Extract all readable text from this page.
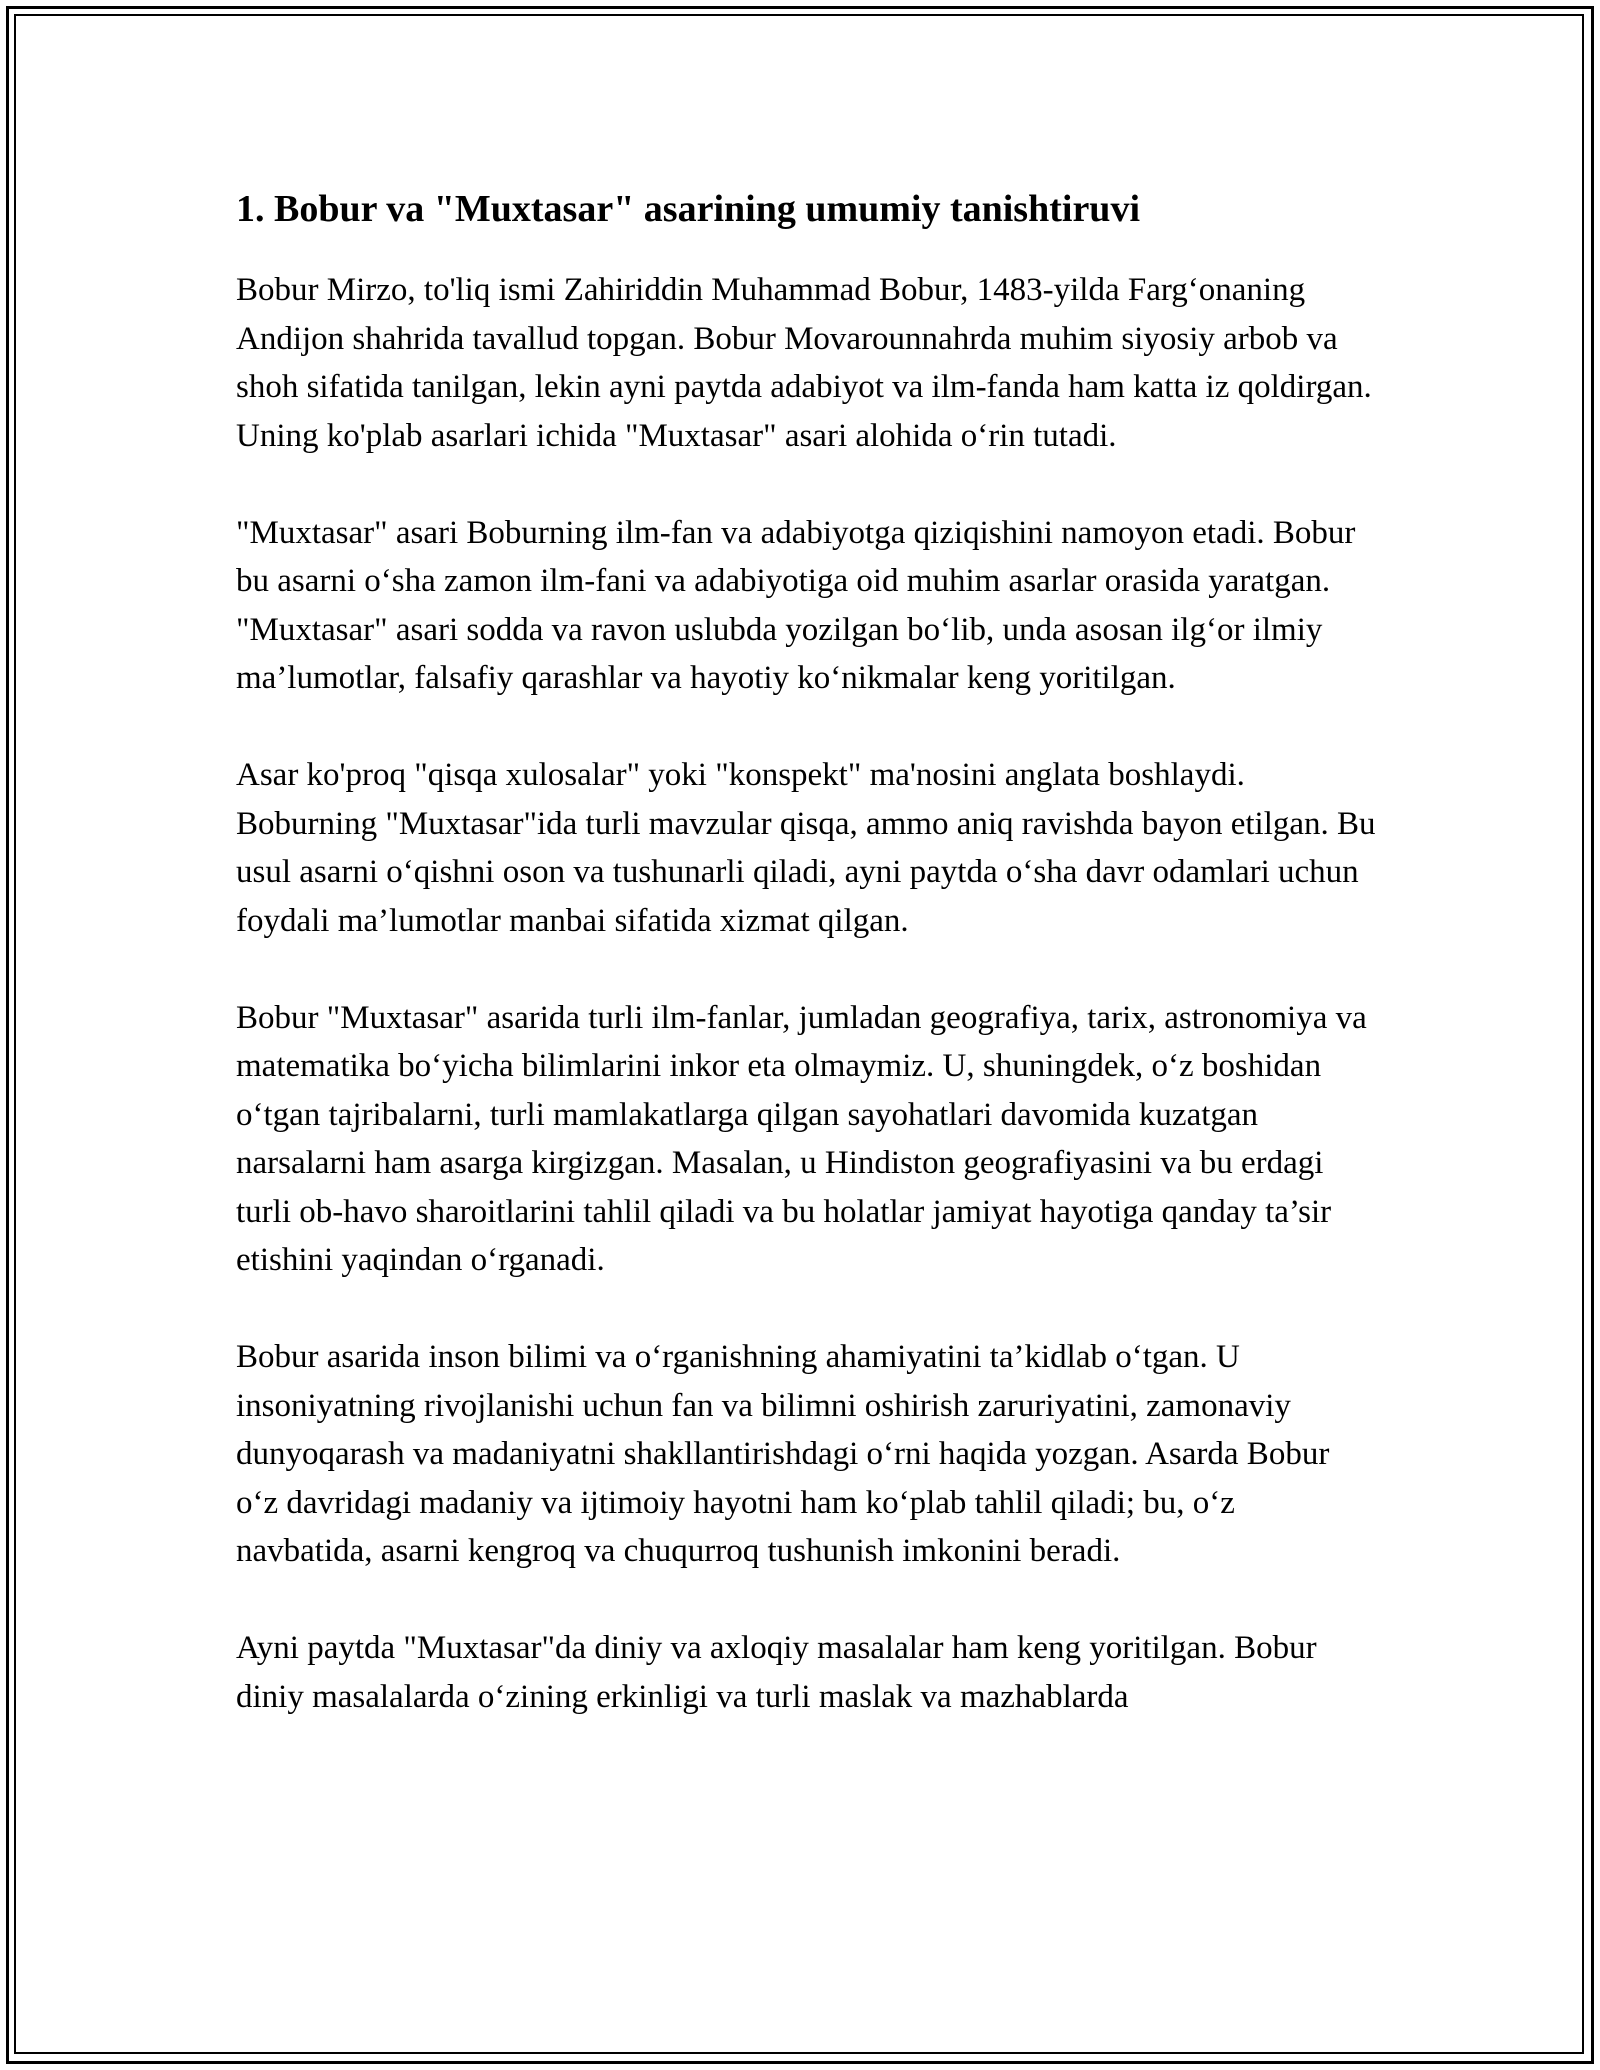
1. Bobur va "Muxtasar" asarining umumiy tanishtiruvi

Bobur Mirzo, to'liq ismi Zahiriddin Muhammad Bobur, 1483-yilda Farg‘onaning Andijon shahrida tavallud topgan. Bobur Movarounnahrda muhim siyosiy arbob va shoh sifatida tanilgan, lekin ayni paytda adabiyot va ilm-fanda ham katta iz qoldirgan. Uning ko'plab asarlari ichida "Muxtasar" asari alohida o‘rin tutadi.

"Muxtasar" asari Boburning ilm-fan va adabiyotga qiziqishini namoyon etadi. Bobur bu asarni o‘sha zamon ilm-fani va adabiyotiga oid muhim asarlar orasida yaratgan. "Muxtasar" asari sodda va ravon uslubda yozilgan bo‘lib, unda asosan ilg‘or ilmiy ma’lumotlar, falsafiy qarashlar va hayotiy ko‘nikmalar keng yoritilgan.

Asar ko'proq "qisqa xulosalar" yoki "konspekt" ma'nosini anglata boshlaydi. Boburning "Muxtasar"ida turli mavzular qisqa, ammo aniq ravishda bayon etilgan. Bu usul asarni o‘qishni oson va tushunarli qiladi, ayni paytda o‘sha davr odamlari uchun foydali ma’lumotlar manbai sifatida xizmat qilgan.

Bobur "Muxtasar" asarida turli ilm-fanlar, jumladan geografiya, tarix, astronomiya va matematika bo‘yicha bilimlarini inkor eta olmaymiz. U, shuningdek, o‘z boshidan o‘tgan tajribalarni, turli mamlakatlarga qilgan sayohatlari davomida kuzatgan narsalarni ham asarga kirgizgan. Masalan, u Hindiston geografiyasini va bu erdagi turli ob-havo sharoitlarini tahlil qiladi va bu holatlar jamiyat hayotiga qanday ta’sir etishini yaqindan o‘rganadi.

Bobur asarida inson bilimi va o‘rganishning ahamiyatini ta’kidlab o‘tgan. U insoniyatning rivojlanishi uchun fan va bilimni oshirish zaruriyatini, zamonaviy dunyoqarash va madaniyatni shakllantirishdagi o‘rni haqida yozgan. Asarda Bobur o‘z davridagi madaniy va ijtimoiy hayotni ham ko‘plab tahlil qiladi; bu, o‘z navbatida, asarni kengroq va chuqurroq tushunish imkonini beradi.

Ayni paytda "Muxtasar"da diniy va axloqiy masalalar ham keng yoritilgan. Bobur diniy masalalarda o‘zining erkinligi va turli maslak va mazhablarda
